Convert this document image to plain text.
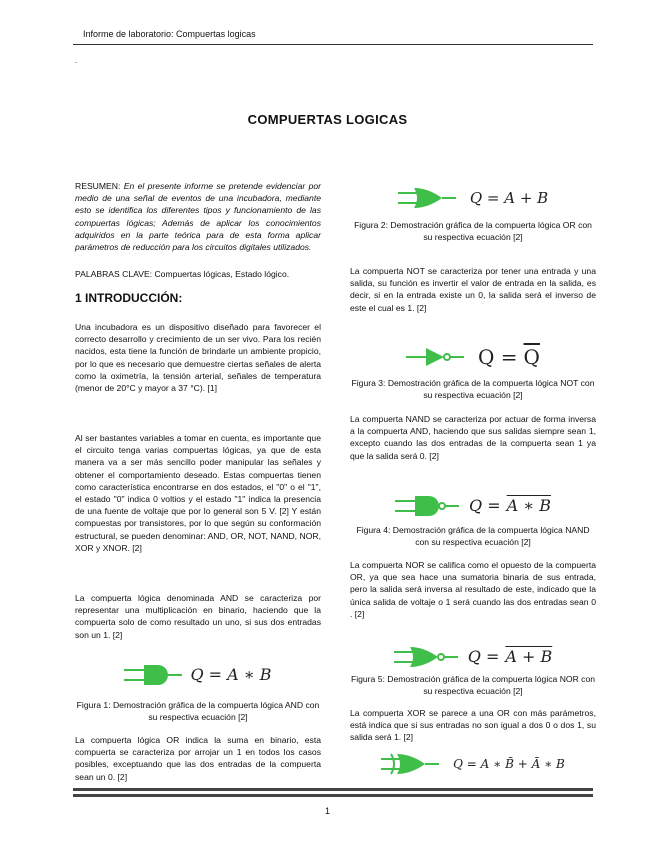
Informe de laboratorio: Compuertas logicas
.
COMPUERTAS LOGICAS

RESUMEN: En el presente informe se pretende evidenciar por medio de una señal de eventos de una incubadora, mediante esto se identifica los diferentes tipos y funcionamiento de las compuertas lógicas; Además de aplicar los conocimientos adquiridos en la parte teórica para de esta forma aplicar parámetros de reducción para los circuitos digitales utilizados.

PALABRAS CLAVE: Compuertas lógicas, Estado lógico.

1 INTRODUCCIÓN:

Una incubadora es un dispositivo diseñado para favorecer el correcto desarrollo y crecimiento de un ser vivo. Para los recién nacidos, esta tiene la función de brindarle un ambiente propicio, por lo que es necesario que demuestre ciertas señales de alerta como la oximetría, la tensión arterial, señales de temperatura (menor de 20°C y mayor a 37 °C). [1]

Al ser bastantes variables a tomar en cuenta, es importante que el circuito tenga varias compuertas lógicas, ya que de esta manera va a ser más sencillo poder manipular las señales y obtener el comportamiento deseado. Estas compuertas tienen como característica encontrarse en dos estados, el "0" o el "1", el estado "0" indica 0 voltios y el estado "1" indica la presencia de una fuente de voltaje que por lo general son 5 V. [2] Y están compuestas por transistores, por lo que según su conformación estructural, se pueden denominar: AND, OR, NOT, NAND, NOR, XOR y XNOR. [2]

La compuerta lógica denominada AND se caracteriza por representar una multiplicación en binario, haciendo que la compuerta solo de como resultado un uno, si sus dos entradas son un 1. [2]

Q = A ∗ B
Figura 1: Demostración gráfica de la compuerta lógica AND con su respectiva ecuación [2]

La compuerta lógica OR indica la suma en binario, esta compuerta se caracteriza por arrojar un 1 en todos los casos posibles, exceptuando que las dos entradas de la compuerta sean un 0. [2]

Q = A + B
Figura 2: Demostración gráfica de la compuerta lógica OR con su respectiva ecuación [2]

La compuerta NOT se caracteriza por tener una entrada y una salida, su función es invertir el valor de entrada en la salida, es decir, si en la entrada existe un 0, la salida será el inverso de este el cual es 1. [2]

$Q = \overline{Q}$
Figura 3: Demostración gráfica de la compuerta lógica NOT con su respectiva ecuación [2]

La compuerta NAND se caracteriza por actuar de forma inversa a la compuerta AND, haciendo que sus salidas siempre sean 1, excepto cuando las dos entradas de la compuerta sean 1 ya que la salida será 0. [2]

Q = A ∗ B
Figura 4: Demostración gráfica de la compuerta lógica NAND con su respectiva ecuación [2]

La compuerta NOR se califica como el opuesto de la compuerta OR, ya que sea hace una sumatoria binaria de sus entrada, pero la salida será inversa al resultado de este, indicado que la única salida de voltaje o 1 será cuando las dos entradas sean 0 . [2]

Q = A + B
Figura 5: Demostración gráfica de la compuerta lógica NOR con su respectiva ecuación [2]

La compuerta XOR se parece a una OR con más parámetros, está indica que si sus entradas no son igual a dos 0 o dos 1, su salida será 1. [2]

Q = A ∗ B̄ + Ā ∗ B
1
